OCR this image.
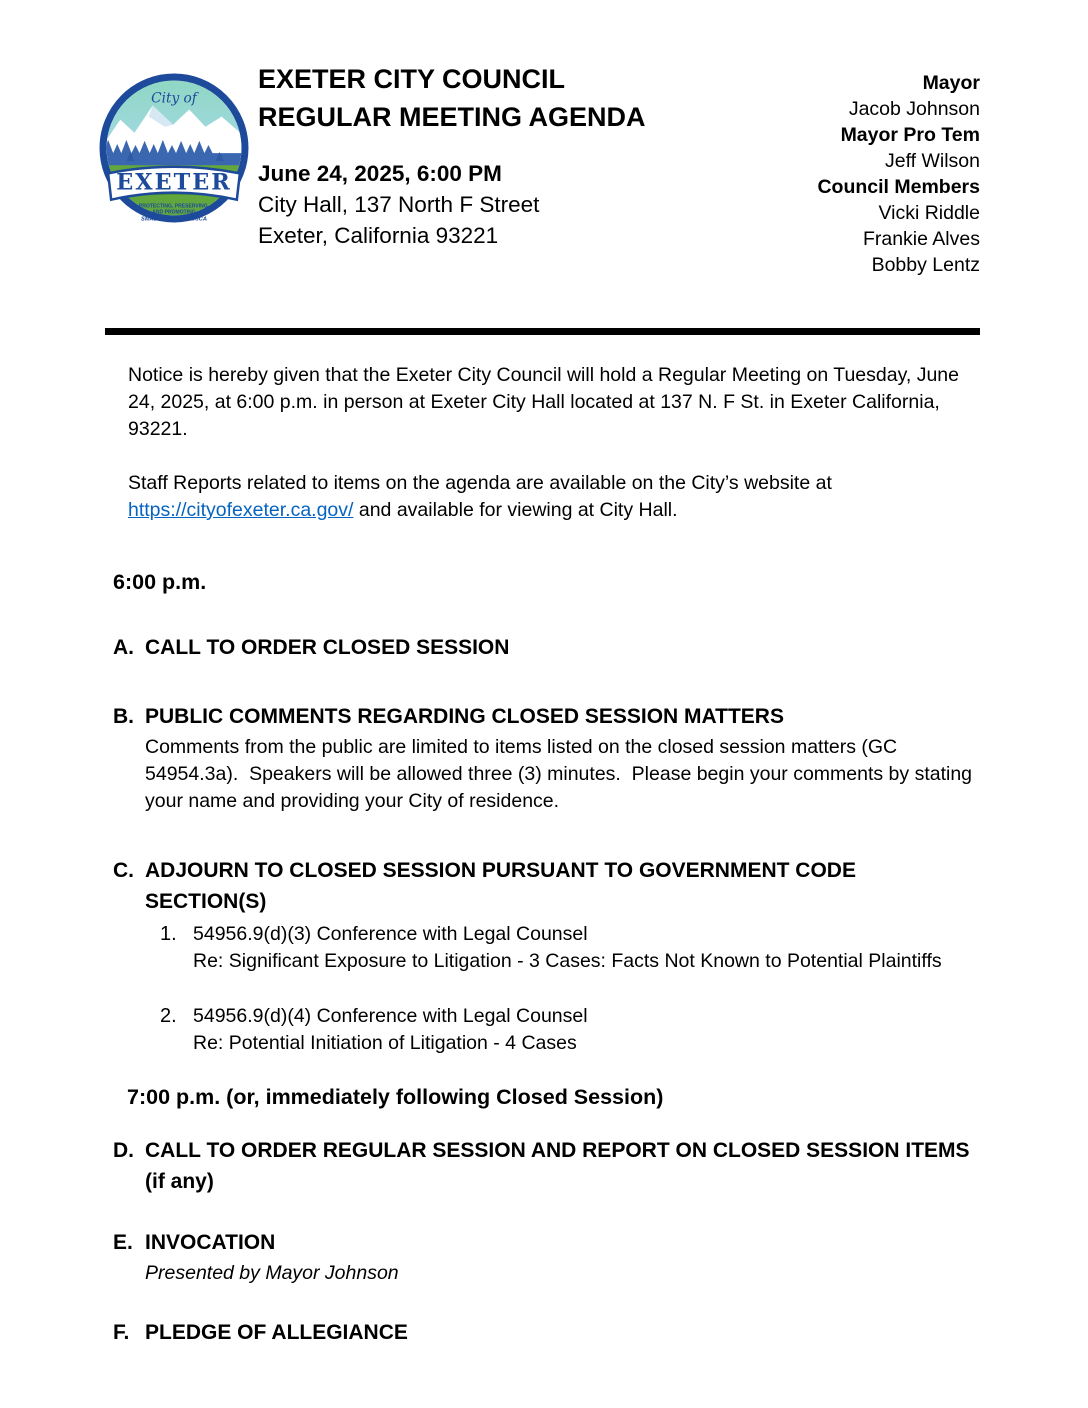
City of
EXETER
PROTECTING, PRESERVING,
AND PROMOTING
SMALL TOWN AMERICA
EXETER CITY COUNCIL
REGULAR MEETING AGENDA
June 24, 2025, 6:00 PM
City Hall, 137 North F Street
Exeter, California 93221
Mayor
Jacob Johnson
Mayor Pro Tem
Jeff Wilson
Council Members
Vicki Riddle
Frankie Alves
Bobby Lentz

Notice is hereby given that the Exeter City Council will hold a Regular Meeting on Tuesday, June 24, 2025, at 6:00 p.m. in person at Exeter City Hall located at 137 N. F St. in Exeter California, 93221.

Staff Reports related to items on the agenda are available on the City’s website at https://cityofexeter.ca.gov/ and available for viewing at City Hall.

6:00 p.m.
A. CALL TO ORDER CLOSED SESSION
B. PUBLIC COMMENTS REGARDING CLOSED SESSION MATTERS
Comments from the public are limited to items listed on the closed session matters (GC 54954.3a).  Speakers will be allowed three (3) minutes.  Please begin your comments by stating your name and providing your City of residence.
C. ADJOURN TO CLOSED SESSION PURSUANT TO GOVERNMENT CODE SECTION(S)
1. 54956.9(d)(3) Conference with Legal Counsel
Re: Significant Exposure to Litigation - 3 Cases: Facts Not Known to Potential Plaintiffs
2. 54956.9(d)(4) Conference with Legal Counsel
Re: Potential Initiation of Litigation - 4 Cases
7:00 p.m. (or, immediately following Closed Session)
D. CALL TO ORDER REGULAR SESSION AND REPORT ON CLOSED SESSION ITEMS (if any)
E. INVOCATION
Presented by Mayor Johnson
F. PLEDGE OF ALLEGIANCE
